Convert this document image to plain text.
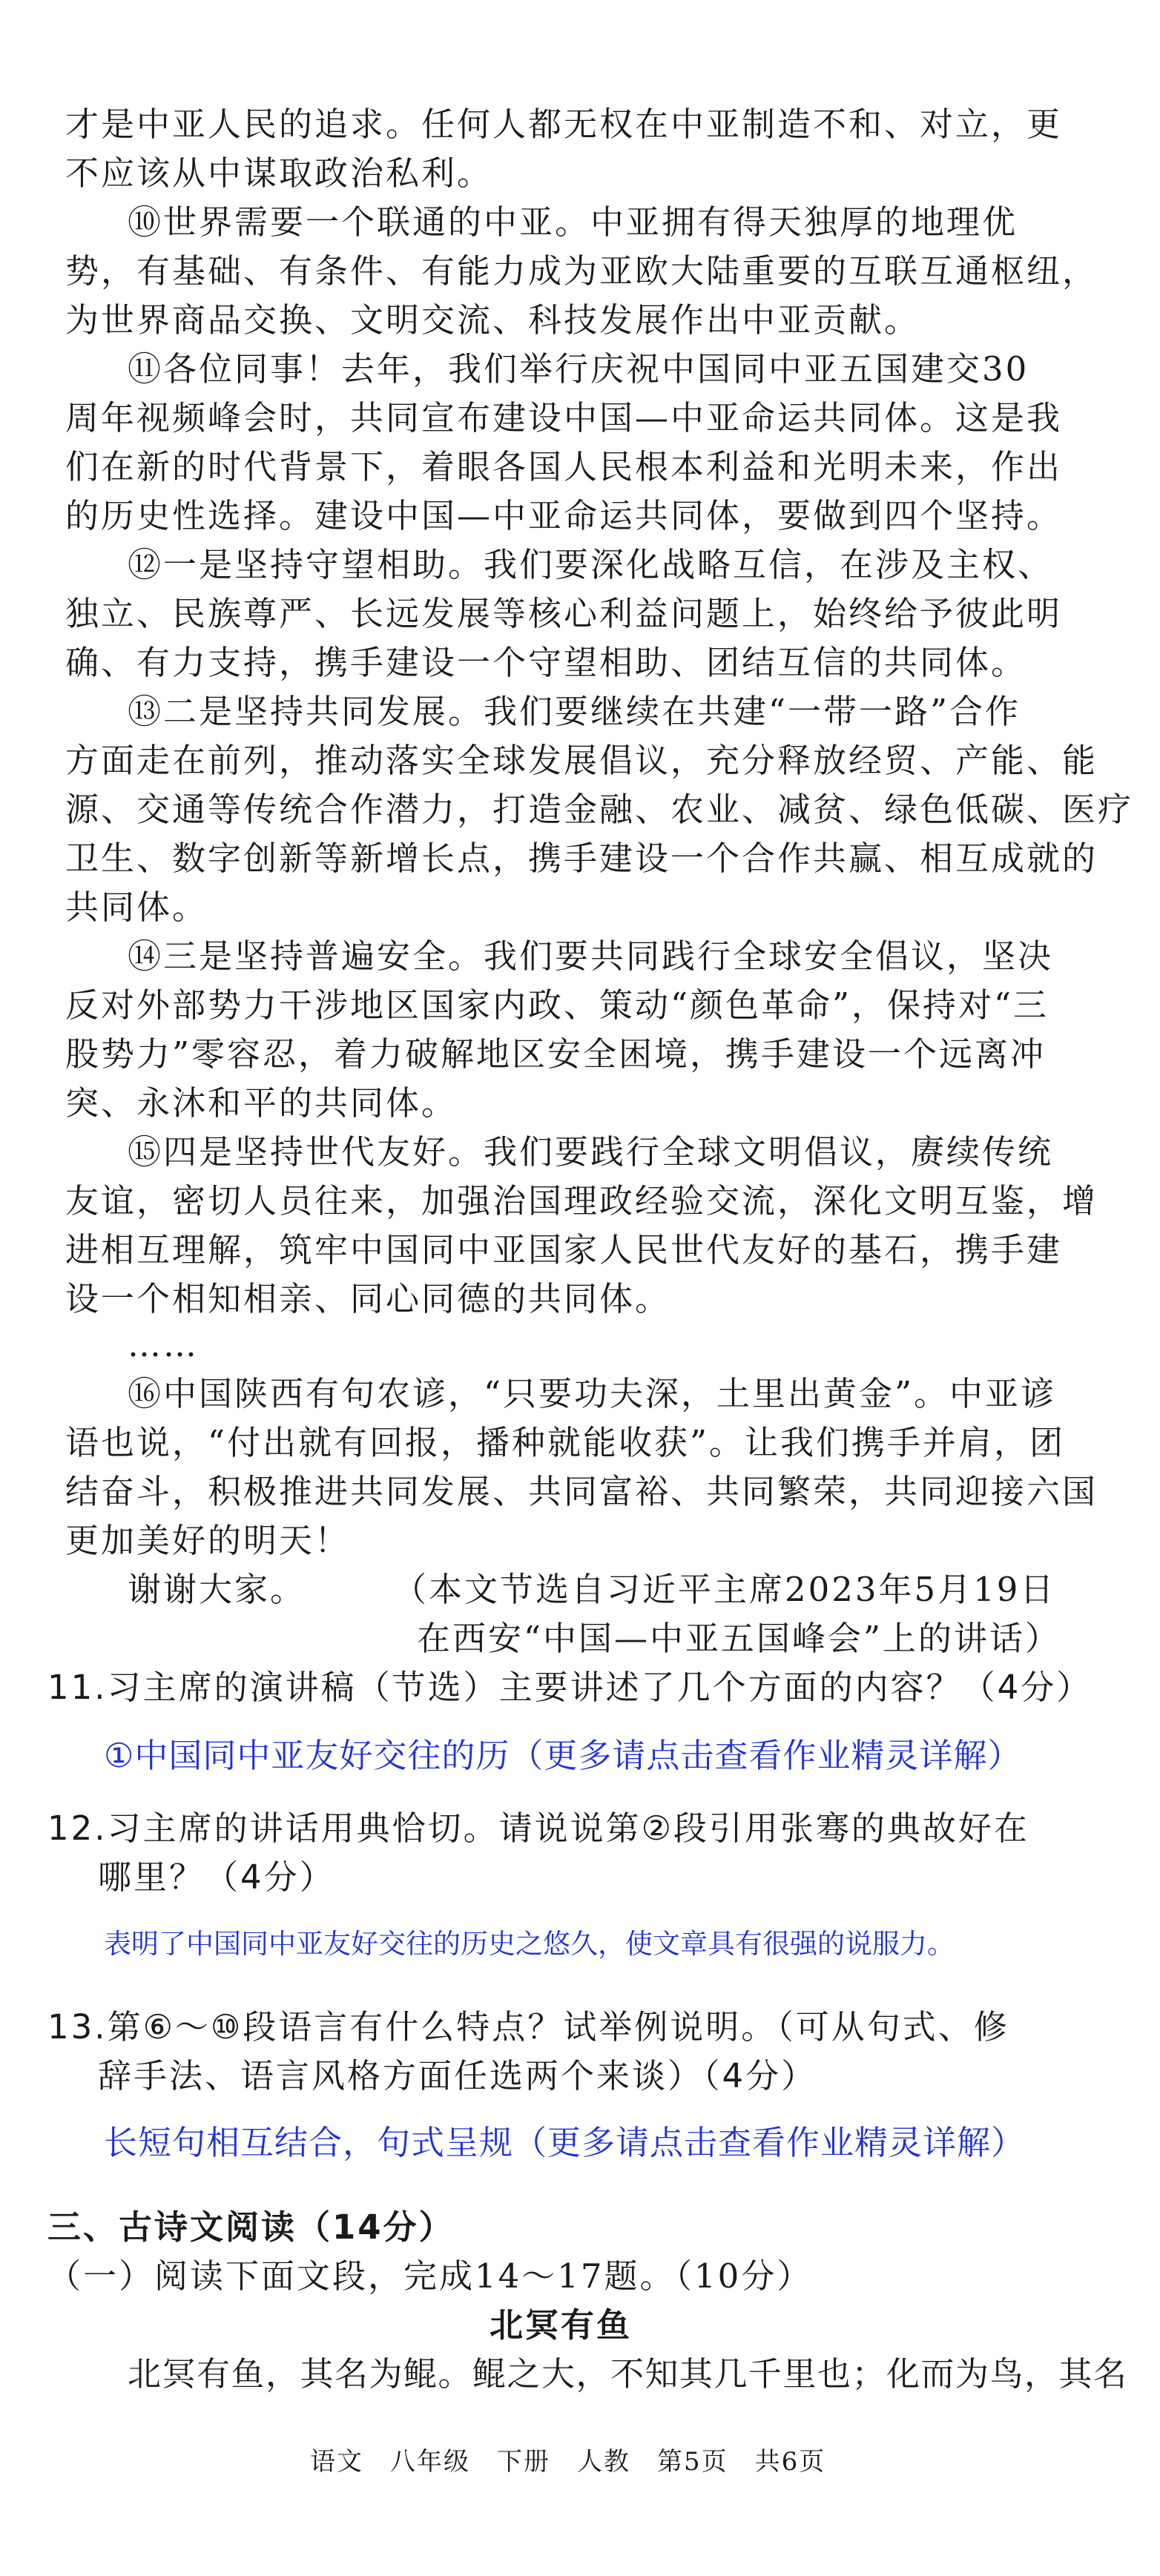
才是中亚人民的追求。任何人都无权在中亚制造不和、对立，更
不应该从中谋取政治私利。
⑩世界需要一个联通的中亚。中亚拥有得天独厚的地理优
势，有基础、有条件、有能力成为亚欧大陆重要的互联互通枢纽，
为世界商品交换、文明交流、科技发展作出中亚贡献。
⑪各位同事！去年，我们举行庆祝中国同中亚五国建交30
周年视频峰会时，共同宣布建设中国—中亚命运共同体。这是我
们在新的时代背景下，着眼各国人民根本利益和光明未来，作出
的历史性选择。建设中国—中亚命运共同体，要做到四个坚持。
⑫一是坚持守望相助。我们要深化战略互信，在涉及主权、
独立、民族尊严、长远发展等核心利益问题上，始终给予彼此明
确、有力支持，携手建设一个守望相助、团结互信的共同体。
⑬二是坚持共同发展。我们要继续在共建“一带一路”合作
方面走在前列，推动落实全球发展倡议，充分释放经贸、产能、能
源、交通等传统合作潜力，打造金融、农业、减贫、绿色低碳、医疗
卫生、数字创新等新增长点，携手建设一个合作共赢、相互成就的
共同体。
⑭三是坚持普遍安全。我们要共同践行全球安全倡议，坚决
反对外部势力干涉地区国家内政、策动“颜色革命”，保持对“三
股势力”零容忍，着力破解地区安全困境，携手建设一个远离冲
突、永沐和平的共同体。
⑮四是坚持世代友好。我们要践行全球文明倡议，赓续传统
友谊，密切人员往来，加强治国理政经验交流，深化文明互鉴，增
进相互理解，筑牢中国同中亚国家人民世代友好的基石，携手建
设一个相知相亲、同心同德的共同体。
……
⑯中国陕西有句农谚，“只要功夫深，土里出黄金”。中亚谚
语也说，“付出就有回报，播种就能收获”。让我们携手并肩，团
结奋斗，积极推进共同发展、共同富裕、共同繁荣，共同迎接六国
更加美好的明天！
谢谢大家。	（本文节选自习近平主席2023年5月19日
在西安“中国—中亚五国峰会”上的讲话）
11.习主席的演讲稿（节选）主要讲述了几个方面的内容？（4分）
①中国同中亚友好交往的历（更多请点击查看作业精灵详解）
12.习主席的讲话用典恰切。请说说第②段引用张骞的典故好在
哪里？（4分）
表明了中国同中亚友好交往的历史之悠久，使文章具有很强的说服力。
13.第⑥～⑩段语言有什么特点？试举例说明。（可从句式、修
辞手法、语言风格方面任选两个来谈）（4分）
长短句相互结合，句式呈规（更多请点击查看作业精灵详解）
三、古诗文阅读（14分）
（一）阅读下面文段，完成14～17题。（10分）
北冥有鱼
北冥有鱼，其名为鲲。鲲之大，不知其几千里也；化而为鸟，其名
语文　八年级　下册　人教　第5页　共6页
